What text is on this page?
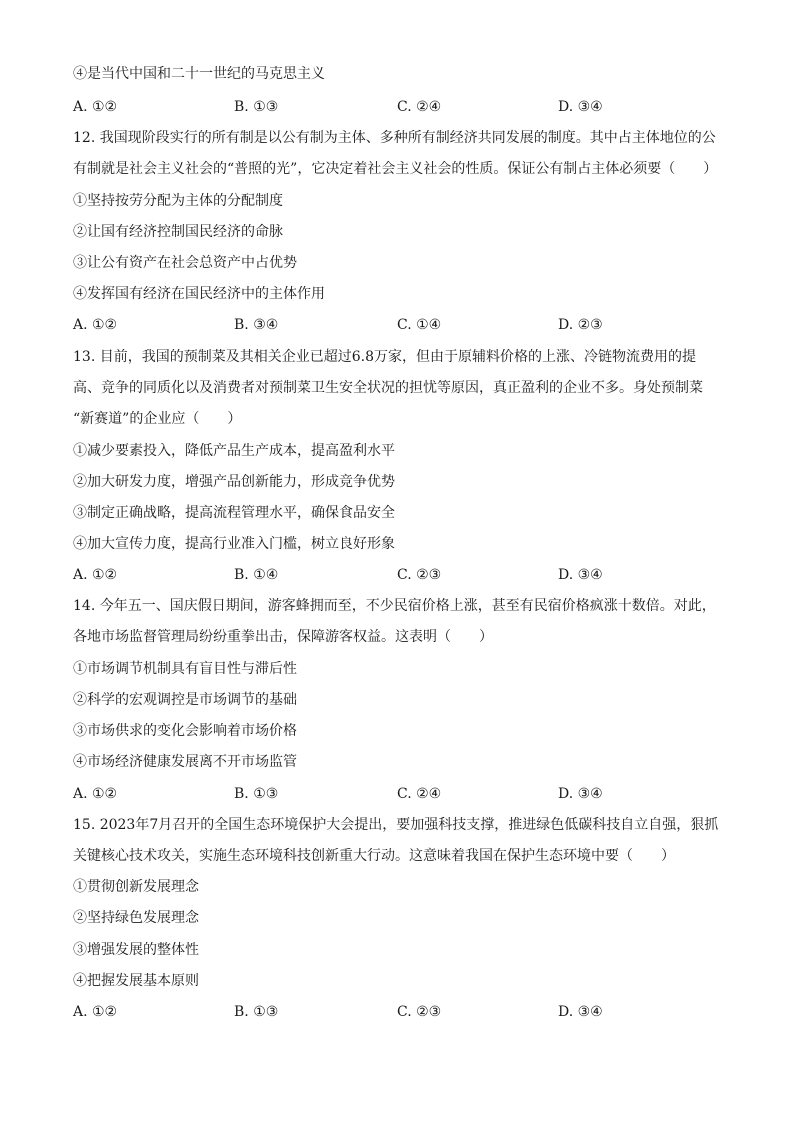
④是当代中国和二十一世纪的马克思主义
A. ①②	B. ①③	C. ②④	D. ③④
12. 我国现阶段实行的所有制是以公有制为主体、多种所有制经济共同发展的制度。其中占主体地位的公
有制就是社会主义社会的“普照的光”，它决定着社会主义社会的性质。保证公有制占主体必须要（　　）
①坚持按劳分配为主体的分配制度
②让国有经济控制国民经济的命脉
③让公有资产在社会总资产中占优势
④发挥国有经济在国民经济中的主体作用
A. ①②	B. ③④	C. ①④	D. ②③
13. 目前，我国的预制菜及其相关企业已超过6.8万家，但由于原辅料价格的上涨、冷链物流费用的提
高、竞争的同质化以及消费者对预制菜卫生安全状况的担忧等原因，真正盈利的企业不多。身处预制菜
“新赛道”的企业应（　　）
①减少要素投入，降低产品生产成本，提高盈利水平
②加大研发力度，增强产品创新能力，形成竞争优势
③制定正确战略，提高流程管理水平，确保食品安全
④加大宣传力度，提高行业准入门槛，树立良好形象
A. ①②	B. ①④	C. ②③	D. ③④
14. 今年五一、国庆假日期间，游客蜂拥而至，不少民宿价格上涨，甚至有民宿价格疯涨十数倍。对此，
各地市场监督管理局纷纷重拳出击，保障游客权益。这表明（　　）
①市场调节机制具有盲目性与滞后性
②科学的宏观调控是市场调节的基础
③市场供求的变化会影响着市场价格
④市场经济健康发展离不开市场监管
A. ①②	B. ①③	C. ②④	D. ③④
15. 2023年7月召开的全国生态环境保护大会提出，要加强科技支撑，推进绿色低碳科技自立自强，狠抓
关键核心技术攻关，实施生态环境科技创新重大行动。这意味着我国在保护生态环境中要（　　）
①贯彻创新发展理念
②坚持绿色发展理念
③增强发展的整体性
④把握发展基本原则
A. ①②	B. ①③	C. ②③	D. ③④
